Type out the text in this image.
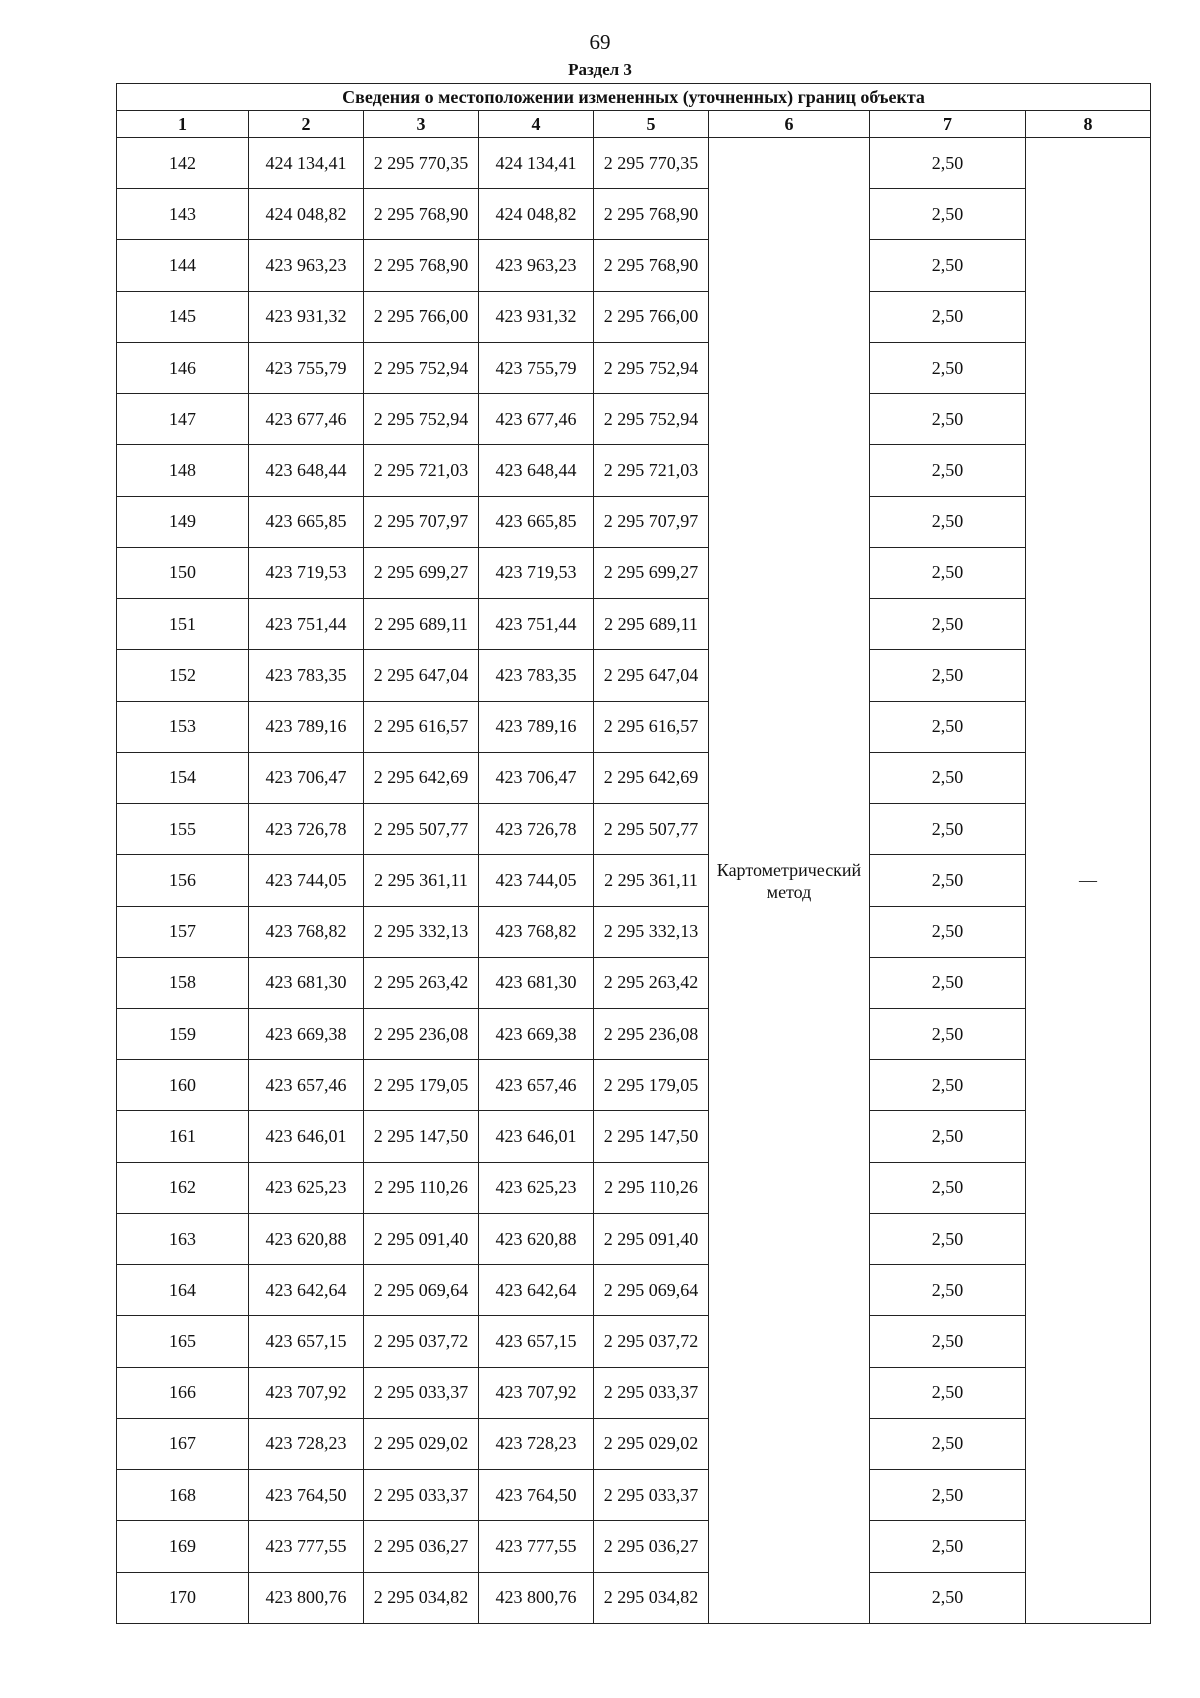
69
Раздел 3
Сведения о местоположении измененных (уточненных) границ объекта							
1	2	3	4	5	6	7	8
142	424 134,41	2 295 770,35	424 134,41	2 295 770,35	Картометрический метод	2,50	—
143	424 048,82	2 295 768,90	424 048,82	2 295 768,90		2,50	
144	423 963,23	2 295 768,90	423 963,23	2 295 768,90		2,50	
145	423 931,32	2 295 766,00	423 931,32	2 295 766,00		2,50	
146	423 755,79	2 295 752,94	423 755,79	2 295 752,94		2,50	
147	423 677,46	2 295 752,94	423 677,46	2 295 752,94		2,50	
148	423 648,44	2 295 721,03	423 648,44	2 295 721,03		2,50	
149	423 665,85	2 295 707,97	423 665,85	2 295 707,97		2,50	
150	423 719,53	2 295 699,27	423 719,53	2 295 699,27		2,50	
151	423 751,44	2 295 689,11	423 751,44	2 295 689,11		2,50	
152	423 783,35	2 295 647,04	423 783,35	2 295 647,04		2,50	
153	423 789,16	2 295 616,57	423 789,16	2 295 616,57		2,50	
154	423 706,47	2 295 642,69	423 706,47	2 295 642,69		2,50	
155	423 726,78	2 295 507,77	423 726,78	2 295 507,77		2,50	
156	423 744,05	2 295 361,11	423 744,05	2 295 361,11		2,50	
157	423 768,82	2 295 332,13	423 768,82	2 295 332,13		2,50	
158	423 681,30	2 295 263,42	423 681,30	2 295 263,42		2,50	
159	423 669,38	2 295 236,08	423 669,38	2 295 236,08		2,50	
160	423 657,46	2 295 179,05	423 657,46	2 295 179,05		2,50	
161	423 646,01	2 295 147,50	423 646,01	2 295 147,50		2,50	
162	423 625,23	2 295 110,26	423 625,23	2 295 110,26		2,50	
163	423 620,88	2 295 091,40	423 620,88	2 295 091,40		2,50	
164	423 642,64	2 295 069,64	423 642,64	2 295 069,64		2,50	
165	423 657,15	2 295 037,72	423 657,15	2 295 037,72		2,50	
166	423 707,92	2 295 033,37	423 707,92	2 295 033,37		2,50	
167	423 728,23	2 295 029,02	423 728,23	2 295 029,02		2,50	
168	423 764,50	2 295 033,37	423 764,50	2 295 033,37		2,50	
169	423 777,55	2 295 036,27	423 777,55	2 295 036,27		2,50	
170	423 800,76	2 295 034,82	423 800,76	2 295 034,82		2,50	
